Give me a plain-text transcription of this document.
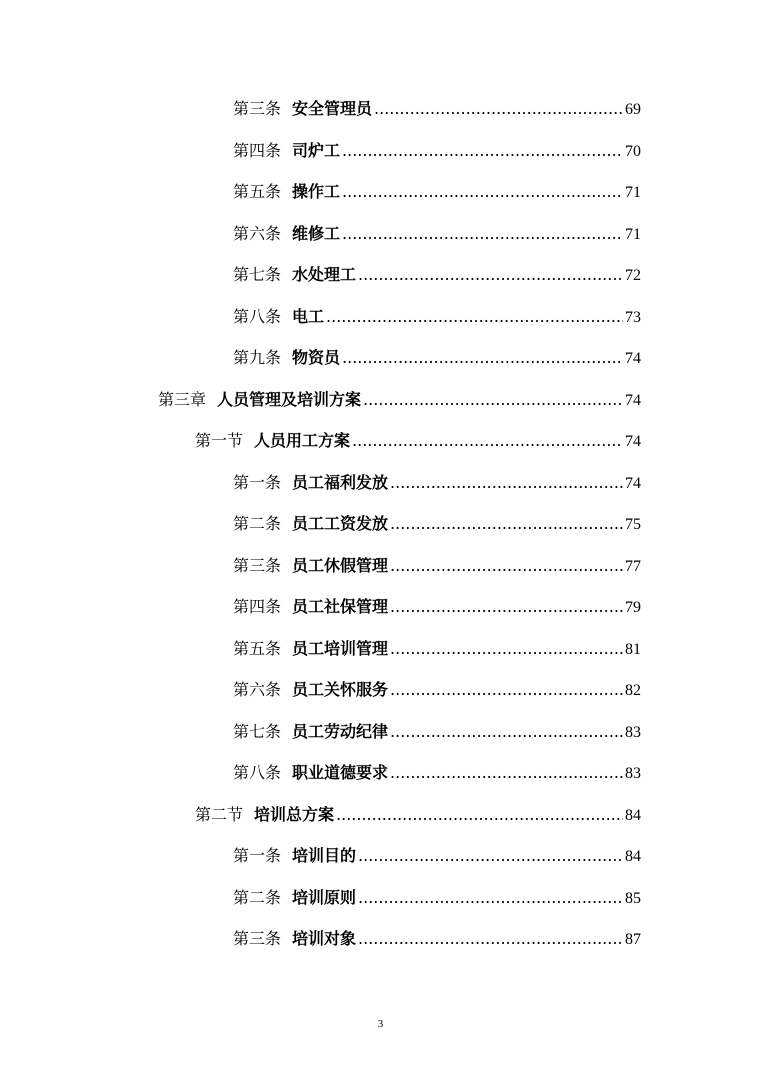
第三条 安全管理员 .....	69
第四条 司炉工 .....	70
第五条 操作工 .....	71
第六条 维修工 .....	71
第七条 水处理工 .....	72
第八条 电工 .....	73
第九条 物资员 .....	74
第三章 人员管理及培训方案 .....	74
第一节 人员用工方案 .....	74
第一条 员工福利发放 .....	74
第二条 员工工资发放 .....	75
第三条 员工休假管理 .....	77
第四条 员工社保管理 .....	79
第五条 员工培训管理 .....	81
第六条 员工关怀服务 .....	82
第七条 员工劳动纪律 .....	83
第八条 职业道德要求 .....	83
第二节 培训总方案 .....	84
第一条 培训目的 .....	84
第二条 培训原则 .....	85
第三条 培训对象 .....	87
3
